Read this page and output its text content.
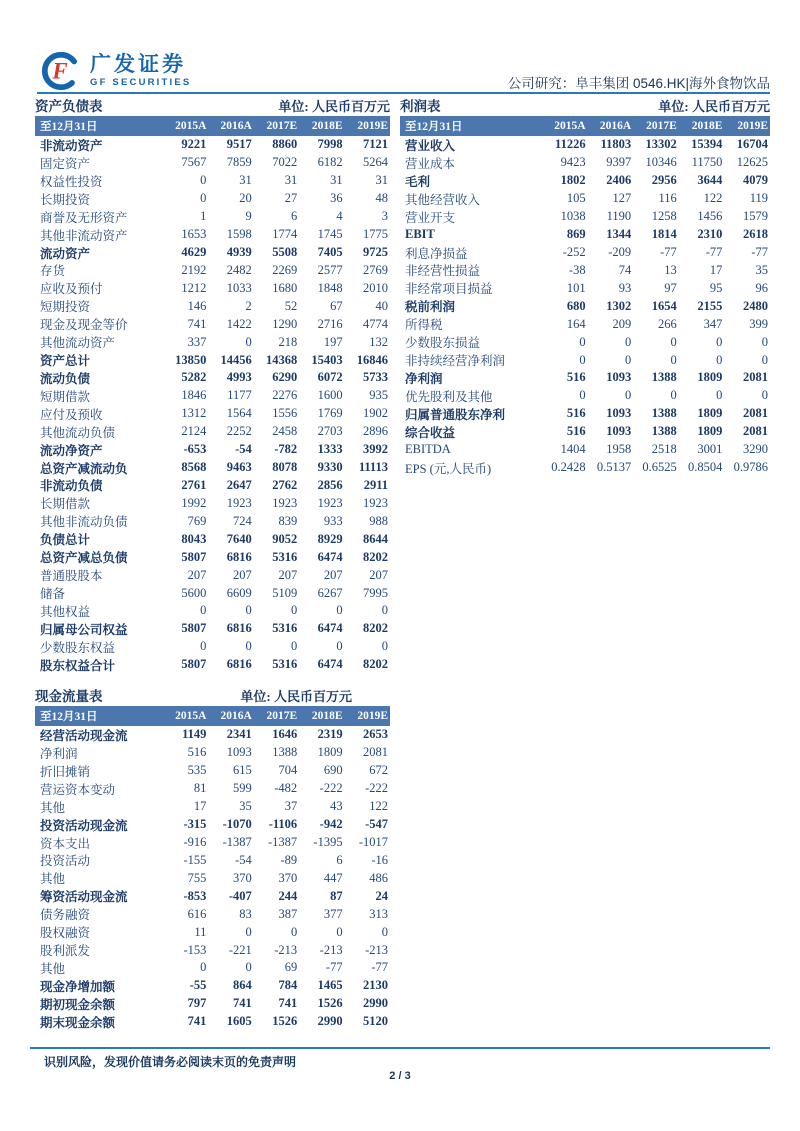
F 广发证券
GF SECURITIES	公司研究：阜丰集团 0546.HK|海外食物饮品
资产负债表	单位: 人民币百万元
至12月31日	2015A	2016A	2017E	2018E	2019E
非流动资产	9221	9517	8860	7998	7121
固定资产	7567	7859	7022	6182	5264
权益性投资	0	31	31	31	31
长期投资	0	20	27	36	48
商誉及无形资产	1	9	6	4	3
其他非流动资产	1653	1598	1774	1745	1775
流动资产	4629	4939	5508	7405	9725
存货	2192	2482	2269	2577	2769
应收及预付	1212	1033	1680	1848	2010
短期投资	146	2	52	67	40
现金及现金等价	741	1422	1290	2716	4774
其他流动资产	337	0	218	197	132
资产总计	13850	14456	14368	15403	16846
流动负债	5282	4993	6290	6072	5733
短期借款	1846	1177	2276	1600	935
应付及预收	1312	1564	1556	1769	1902
其他流动负债	2124	2252	2458	2703	2896
流动净资产	-653	-54	-782	1333	3992
总资产减流动负	8568	9463	8078	9330	11113
非流动负债	2761	2647	2762	2856	2911
长期借款	1992	1923	1923	1923	1923
其他非流动负债	769	724	839	933	988
负债总计	8043	7640	9052	8929	8644
总资产减总负债	5807	6816	5316	6474	8202
普通股股本	207	207	207	207	207
储备	5600	6609	5109	6267	7995
其他权益	0	0	0	0	0
归属母公司权益	5807	6816	5316	6474	8202
少数股东权益	0	0	0	0	0
股东权益合计	5807	6816	5316	6474	8202
利润表	单位: 人民币百万元
至12月31日	2015A	2016A	2017E	2018E	2019E
营业收入	11226	11803	13302	15394	16704
营业成本	9423	9397	10346	11750	12625
毛利	1802	2406	2956	3644	4079
其他经营收入	105	127	116	122	119
营业开支	1038	1190	1258	1456	1579
EBIT	869	1344	1814	2310	2618
利息净损益	-252	-209	-77	-77	-77
非经营性损益	-38	74	13	17	35
非经常项目损益	101	93	97	95	96
税前利润	680	1302	1654	2155	2480
所得税	164	209	266	347	399
少数股东损益	0	0	0	0	0
非持续经营净利润	0	0	0	0	0
净利润	516	1093	1388	1809	2081
优先股利及其他	0	0	0	0	0
归属普通股东净利	516	1093	1388	1809	2081
综合收益	516	1093	1388	1809	2081
EBITDA	1404	1958	2518	3001	3290
EPS (元,人民币)	0.2428 0.5137 0.6525 0.8504 0.9786
现金流量表	单位: 人民币百万元
至12月31日	2015A	2016A	2017E	2018E	2019E
经营活动现金流	1149	2341	1646	2319	2653
净利润	516	1093	1388	1809	2081
折旧摊销	535	615	704	690	672
营运资本变动	81	599	-482	-222	-222
其他	17	35	37	43	122
投资活动现金流	-315	-1070	-1106	-942	-547
资本支出	-916	-1387	-1387	-1395	-1017
投资活动	-155	-54	-89	6	-16
其他	755	370	370	447	486
筹资活动现金流	-853	-407	244	87	24
债务融资	616	83	387	377	313
股权融资	11	0	0	0	0
股利派发	-153	-221	-213	-213	-213
其他	0	0	69	-77	-77
现金净增加额	-55	864	784	1465	2130
期初现金余额	797	741	741	1526	2990
期末现金余额	741	1605	1526	2990	5120
识别风险，发现价值请务必阅读末页的免责声明
2 / 3
